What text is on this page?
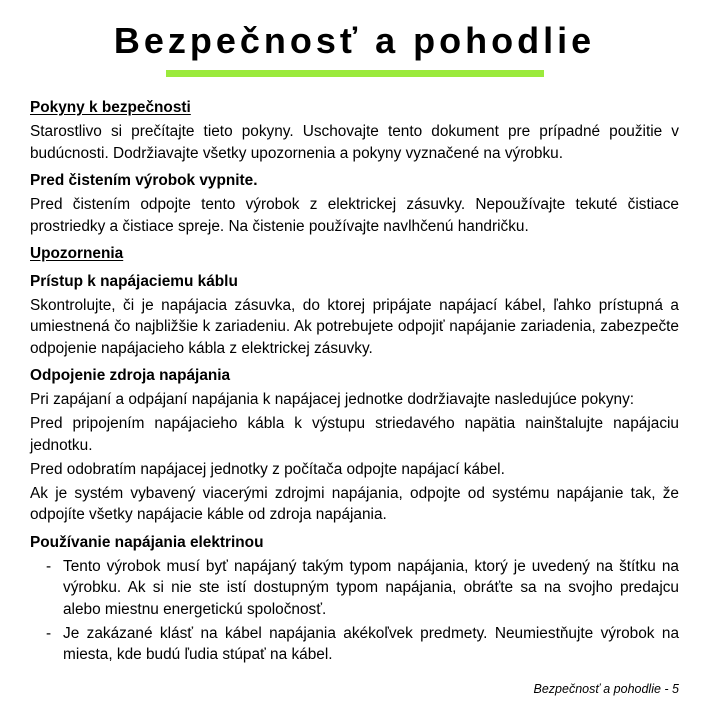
Bezpečnosť a pohodlie
Pokyny k bezpečnosti

Starostlivo si prečítajte tieto pokyny. Uschovajte tento dokument pre prípadné použitie v budúcnosti. Dodržiavajte všetky upozornenia a pokyny vyznačené na výrobku.

Pred čistením výrobok vypnite.

Pred čistením odpojte tento výrobok z elektrickej zásuvky. Nepoužívajte tekuté čistiace prostriedky a čistiace spreje. Na čistenie používajte navlhčenú handričku.

Upozornenia
Prístup k napájaciemu káblu

Skontrolujte, či je napájacia zásuvka, do ktorej pripájate napájací kábel, ľahko prístupná a umiestnená čo najbližšie k zariadeniu. Ak potrebujete odpojiť napájanie zariadenia, zabezpečte odpojenie napájacieho kábla z elektrickej zásuvky.

Odpojenie zdroja napájania

Pri zapájaní a odpájaní napájania k napájacej jednotke dodržiavajte nasledujúce pokyny:

Pred pripojením napájacieho kábla k výstupu striedavého napätia nainštalujte napájaciu jednotku.

Pred odobratím napájacej jednotky z počítača odpojte napájací kábel.

Ak je systém vybavený viacerými zdrojmi napájania, odpojte od systému napájanie tak, že odpojíte všetky napájacie káble od zdroja napájania.

Používanie napájania elektrinou
- Tento výrobok musí byť napájaný takým typom napájania, ktorý je uvedený na štítku na výrobku. Ak si nie ste istí dostupným typom napájania, obráťte sa na svojho predajcu alebo miestnu energetickú spoločnosť.
- Je zakázané klásť na kábel napájania akékoľvek predmety. Neumiestňujte výrobok na miesta, kde budú ľudia stúpať na kábel.
Bezpečnosť a pohodlie - 5
